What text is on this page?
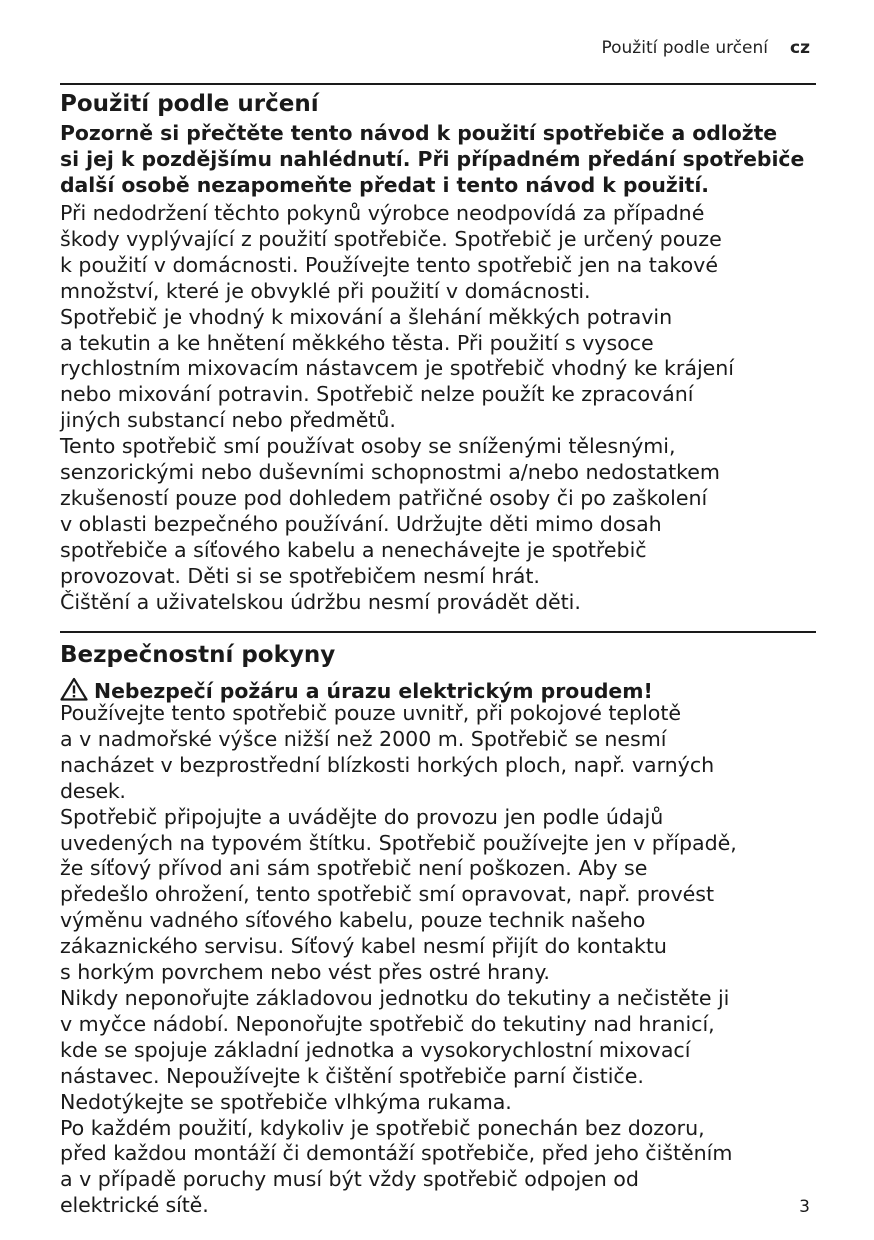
Použití podle určení cz
Použití podle určení
Pozorně si přečtěte tento návod k použití spotřebiče a odložte
si jej k pozdějšímu nahlédnutí. Při případném předání spotřebiče
další osobě nezapomeňte předat i tento návod k použití.
Při nedodržení těchto pokynů výrobce neodpovídá za případné
škody vyplývající z použití spotřebiče. Spotřebič je určený pouze
k použití v domácnosti. Používejte tento spotřebič jen na takové
množství, které je obvyklé při použití v domácnosti.
Spotřebič je vhodný k mixování a šlehání měkkých potravin
a tekutin a ke hnětení měkkého těsta. Při použití s vysoce
rychlostním mixovacím nástavcem je spotřebič vhodný ke krájení
nebo mixování potravin. Spotřebič nelze použít ke zpracování
jiných substancí nebo předmětů.
Tento spotřebič smí používat osoby se sníženými tělesnými,
senzorickými nebo duševními schopnostmi a/nebo nedostatkem
zkušeností pouze pod dohledem patřičné osoby či po zaškolení
v oblasti bezpečného používání. Udržujte děti mimo dosah
spotřebiče a síťového kabelu a nenechávejte je spotřebič
provozovat. Děti si se spotřebičem nesmí hrát.
Čištění a uživatelskou údržbu nesmí provádět děti.
Bezpečnostní pokyny
Nebezpečí požáru a úrazu elektrickým proudem!
Používejte tento spotřebič pouze uvnitř, při pokojové teplotě
a v nadmořské výšce nižší než 2000 m. Spotřebič se nesmí
nacházet v bezprostřední blízkosti horkých ploch, např. varných
desek.
Spotřebič připojujte a uvádějte do provozu jen podle údajů
uvedených na typovém štítku. Spotřebič používejte jen v případě,
že síťový přívod ani sám spotřebič není poškozen. Aby se
předešlo ohrožení, tento spotřebič smí opravovat, např. provést
výměnu vadného síťového kabelu, pouze technik našeho
zákaznického servisu. Síťový kabel nesmí přijít do kontaktu
s horkým povrchem nebo vést přes ostré hrany.
Nikdy neponořujte základovou jednotku do tekutiny a nečistěte ji
v myčce nádobí. Neponořujte spotřebič do tekutiny nad hranicí,
kde se spojuje základní jednotka a vysokorychlostní mixovací
nástavec. Nepoužívejte k čištění spotřebiče parní čističe.
Nedotýkejte se spotřebiče vlhkýma rukama.
Po každém použití, kdykoliv je spotřebič ponechán bez dozoru,
před každou montáží či demontáží spotřebiče, před jeho čištěním
a v případě poruchy musí být vždy spotřebič odpojen od
elektrické sítě.	3
